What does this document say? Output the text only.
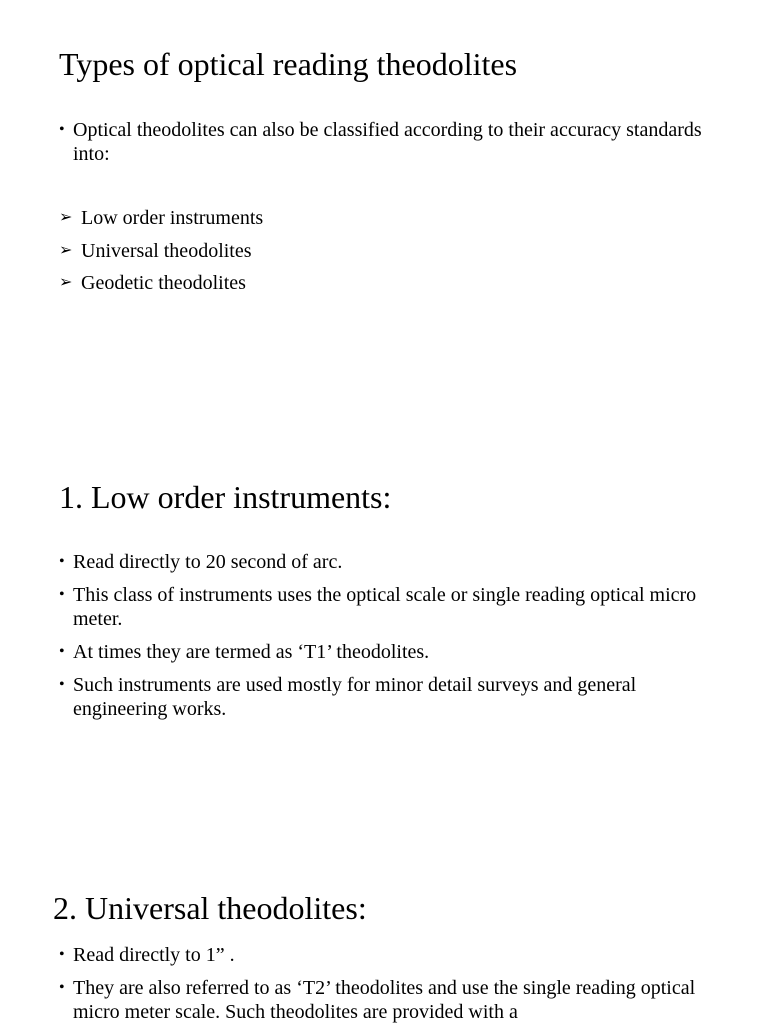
Types of optical reading theodolites
• Optical theodolites can also be classified according to their accuracy standards into:
➢ Low order instruments
➢ Universal theodolites
➢ Geodetic theodolites
1. Low order instruments:
• Read directly to 20 second of arc.
• This class of instruments uses the optical scale or single reading optical micro meter.
• At times they are termed as ‘T1’ theodolites.
• Such instruments are used mostly for minor detail surveys and general engineering works.
2. Universal theodolites:
• Read directly to 1” .
• They are also referred to as ‘T2’ theodolites and use the single reading optical micro meter scale. Such theodolites are provided with a
